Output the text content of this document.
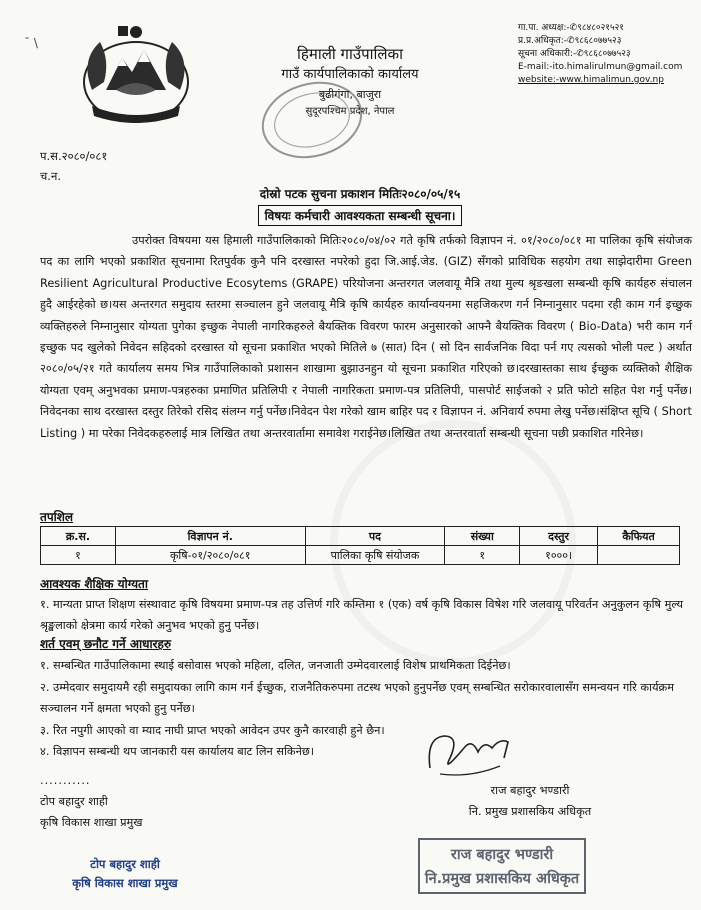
ˉ \
हिमाली गाउँपालिका
गाउँ कार्यपालिकाको कार्यालय
बुढीगंगा, बाजुरा
सुदूरपश्चिम प्रदेश, नेपाल
गा.पा. अध्यक्ष:-✆९८४८०२१५२१
प्र.प्र.अधिकृत:-✆९८६८०७७५२३
सूचना अधिकारी:-✆९८६८०७७५२३
E-mail:-ito.himalirulmun@gmail.com
website:-www.himalimun.gov.np
प.स.२०८०/०८१
च.न.
दोस्रो पटक सुचना प्रकाशन मितिः२०८०/०५/१५
विषयः कर्मचारी आवश्यकता सम्बन्धी सूचना।
उपरोक्त विषयमा यस हिमाली गाउँपालिकाको मितिः२०८०/०४/०२ गते कृषि तर्फको विज्ञापन नं. ०१/२०८०/०८१ मा पालिका कृषि संयोजक पद का लागि भएको प्रकाशित सूचनामा रितपुर्वक कुनै पनि दरखास्त नपरेको हुदा जि.आई.जेड. (GIZ) सँगको प्राविधिक सहयोग तथा साझेदारीमा Green Resilient Agricultural Productive Ecosytems (GRAPE) परियोजना अन्तरगत जलवायू मैत्रि तथा मुल्य श्रृङखला सम्बन्धी कृषि कार्यहरु संचालन हुदै आईरहेको छ।यस अन्तरगत समुदाय स्तरमा सञ्चालन हुने जलवायू मैत्रि कृषि कार्यहरु कार्यान्वयनमा सहजिकरण गर्न निम्नानुसार पदमा रही काम गर्न इच्छुक व्यक्तिहरुले निम्नानुसार योग्यता पुगेका इच्छुक नेपाली नागरिकहरुले बैयक्तिक विवरण फारम अनुसारको आफ्नै बैयक्तिक विवरण ( Bio-Data) भरी काम गर्न इच्छुक पद खुलेको निवेदन सहिदको दरखास्त यो सूचना प्रकाशित भएको मितिले ७ (सात) दिन ( सो दिन सार्वजनिक विदा पर्न गए त्यसको भोली पल्ट ) अर्थात २०८०/०५/२१ गते कार्यालय समय भित्र गाउँपालिकाको प्रशासन शाखामा बुझाउनहुन यो सूचना प्रकाशित गरिएको छ।दरखास्तका साथ ईच्छुक व्यक्तिको शैक्षिक योग्यता एवम् अनुभवका प्रमाण-पत्रहरुका प्रमाणित प्रतिलिपी र नेपाली नागरिकता प्रमाण-पत्र प्रतिलिपी, पासपोर्ट साईजको २ प्रति फोटो सहित पेश गर्नु पर्नेछ।निवेदनका साथ दरखास्त दस्तुर तिरेको रसिद संलग्न गर्नु पर्नेछ।निवेदन पेश गरेको खाम बाहिर पद र विज्ञापन नं. अनिवार्य रुपमा लेखु पर्नेछ।संक्षिप्त सूचि ( Short Listing ) मा परेका निवेदकहरुलाई मात्र लिखित तथा अन्तरवार्तामा समावेश गराईनेछ।लिखित तथा अन्तरवार्ता सम्बन्धी सूचना पछी प्रकाशित गरिनेछ।
तपशिल
क्र.स.	विज्ञापन नं.	पद	संख्या	दस्तुर	कैफियत
१	कृषि-०१/२०८०/०८१	पालिका कृषि संयोजक	१	१०००।	
आवश्यक शैक्षिक योग्यता
१. मान्यता प्राप्त शिक्षण संस्थावाट कृषि विषयमा प्रमाण-पत्र तह उत्तिर्ण गरि कम्तिमा १ (एक) वर्ष कृषि विकास विषेश गरि जलवायू परिवर्तन अनुकुलन कृषि मुल्य श्रृङ्खलाको क्षेत्रमा कार्य गरेको अनुभव भएको हुनु पर्नेछ।
शर्त एवम् छनौट गर्ने आधारहरु
१. सम्बन्धित गाउँपालिकामा स्थाई बसोवास भएको महिला, दलित, जनजाती उम्मेदवारलाई विशेष प्राथमिकता दिईनेछ।
२. उम्मेदवार समुदायमै रही समुदायका लागि काम गर्न ईच्छुक, राजनैतिकरुपमा तटस्थ भएको हुनुपर्नेछ एवम् सम्बन्धित सरोकारवालासँग समन्वयन गरि कार्यक्रम सञ्चालन गर्ने क्षमता भएको हुनु पर्नेछ।
३. रित नपुगी आएको वा म्याद नाघी प्राप्त भएको आवेदन उपर कुनै कारवाही हुने छैन।
४. विज्ञापन सम्बन्धी थप जानकारी यस कार्यालय बाट लिन सकिनेछ।
...........
टोप बहादुर शाही
कृषि विकास शाखा प्रमुख
राज बहादुर भण्डारी
नि. प्रमुख प्रशासकिय अधिकृत
टोप बहादुर शाही
कृषि विकास शाखा प्रमुख
राज बहादुर भण्डारी
नि.प्रमुख प्रशासकिय अधिकृत
